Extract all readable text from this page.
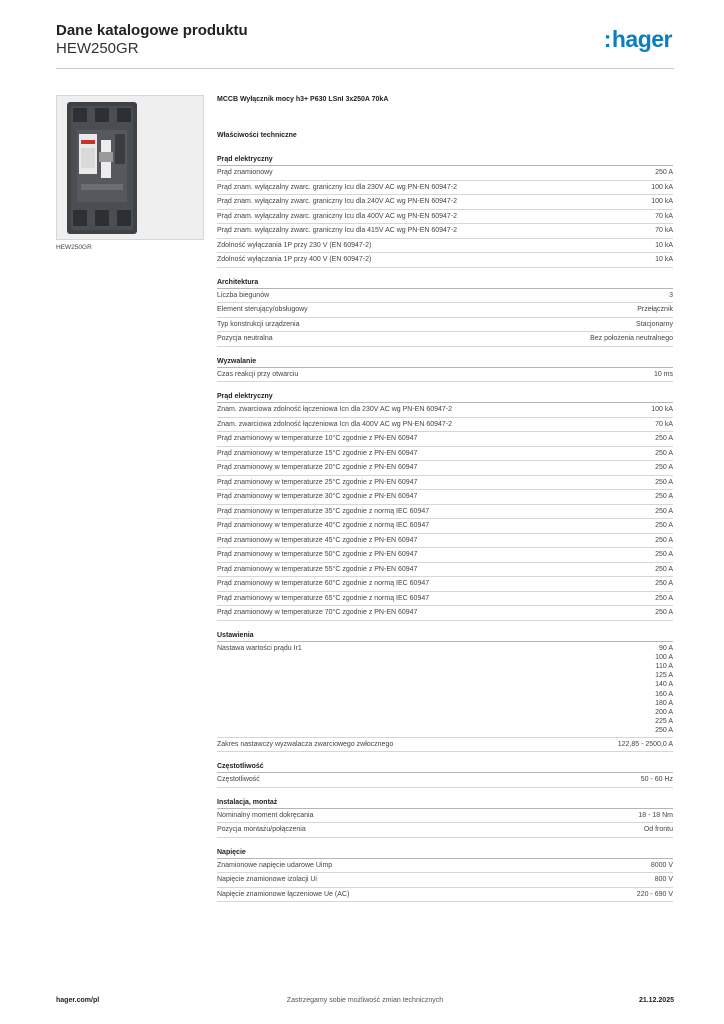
Dane katalogowe produktu
HEW250GR	:hager
HEW250GR
MCCB Wyłącznik mocy h3+ P630 LSnI 3x250A 70kA
Właściwości techniczne
Prąd elektryczny
Prąd znamionowy	250 A
Prąd znam. wyłączalny zwarc. graniczny Icu dla 230V AC wg PN-EN 60947-2	100 kA
Prąd znam. wyłączalny zwarc. graniczny Icu dla 240V AC wg PN-EN 60947-2	100 kA
Prąd znam. wyłączalny zwarc. graniczny Icu dla 400V AC wg PN-EN 60947-2	70 kA
Prąd znam. wyłączalny zwarc. graniczny Icu dla 415V AC wg PN-EN 60947-2	70 kA
Zdolność wyłączania 1P przy 230 V (EN 60947-2)	10 kA
Zdolność wyłączania 1P przy 400 V (EN 60947-2)	10 kA
Architektura
Liczba biegunów	3
Element sterujący/obsługowy	Przełącznik
Typ konstrukcji urządzenia	Stacjonarny
Pozycja neutralna	Bez położenia neutralnego
Wyzwalanie
Czas reakcji przy otwarciu	10 ms
Prąd elektryczny
Znam. zwarciowa zdolność łączeniowa Icn dla 230V AC wg PN-EN 60947-2	100 kA
Znam. zwarciowa zdolność łączeniowa Icn dla 400V AC wg PN-EN 60947-2	70 kA
Prąd znamionowy w temperaturze 10°C zgodnie z PN-EN 60947	250 A
Prąd znamionowy w temperaturze 15°C zgodnie z PN-EN 60947	250 A
Prąd znamionowy w temperaturze 20°C zgodnie z PN-EN 60947	250 A
Prąd znamionowy w temperaturze 25°C zgodnie z PN-EN 60947	250 A
Prąd znamionowy w temperaturze 30°C zgodnie z PN-EN 60947	250 A
Prąd znamionowy w temperaturze 35°C zgodnie z normą IEC 60947	250 A
Prąd znamionowy w temperaturze 40°C zgodnie z normą IEC 60947	250 A
Prąd znamionowy w temperaturze 45°C zgodnie z PN-EN 60947	250 A
Prąd znamionowy w temperaturze 50°C zgodnie z PN-EN 60947	250 A
Prąd znamionowy w temperaturze 55°C zgodnie z PN-EN 60947	250 A
Prąd znamionowy w temperaturze 60°C zgodnie z normą IEC 60947	250 A
Prąd znamionowy w temperaturze 65°C zgodnie z normą IEC 60947	250 A
Prąd znamionowy w temperaturze 70°C zgodnie z PN-EN 60947	250 A
Ustawienia
Nastawa wartości prądu Ir1	90 A
100 A
110 A
125 A
140 A
160 A
180 A
200 A
225 A
250 A
Zakres nastawczy wyzwalacza zwarciowego zwłocznego	122,85 - 2500,0 A
Częstotliwość
Częstotliwość	50 - 60 Hz
Instalacja, montaż
Nominalny moment dokręcania	18 - 18 Nm
Pozycja montażu/połączenia	Od frontu
Napięcie
Znamionowe napięcie udarowe Uimp	8000 V
Napięcie znamionowe izolacji Ui	800 V
Napięcie znamionowe łączeniowe Ue (AC)	220 - 690 V
hager.com/pl	Zastrzegamy sobie możliwość zmian technicznych	21.12.2025
